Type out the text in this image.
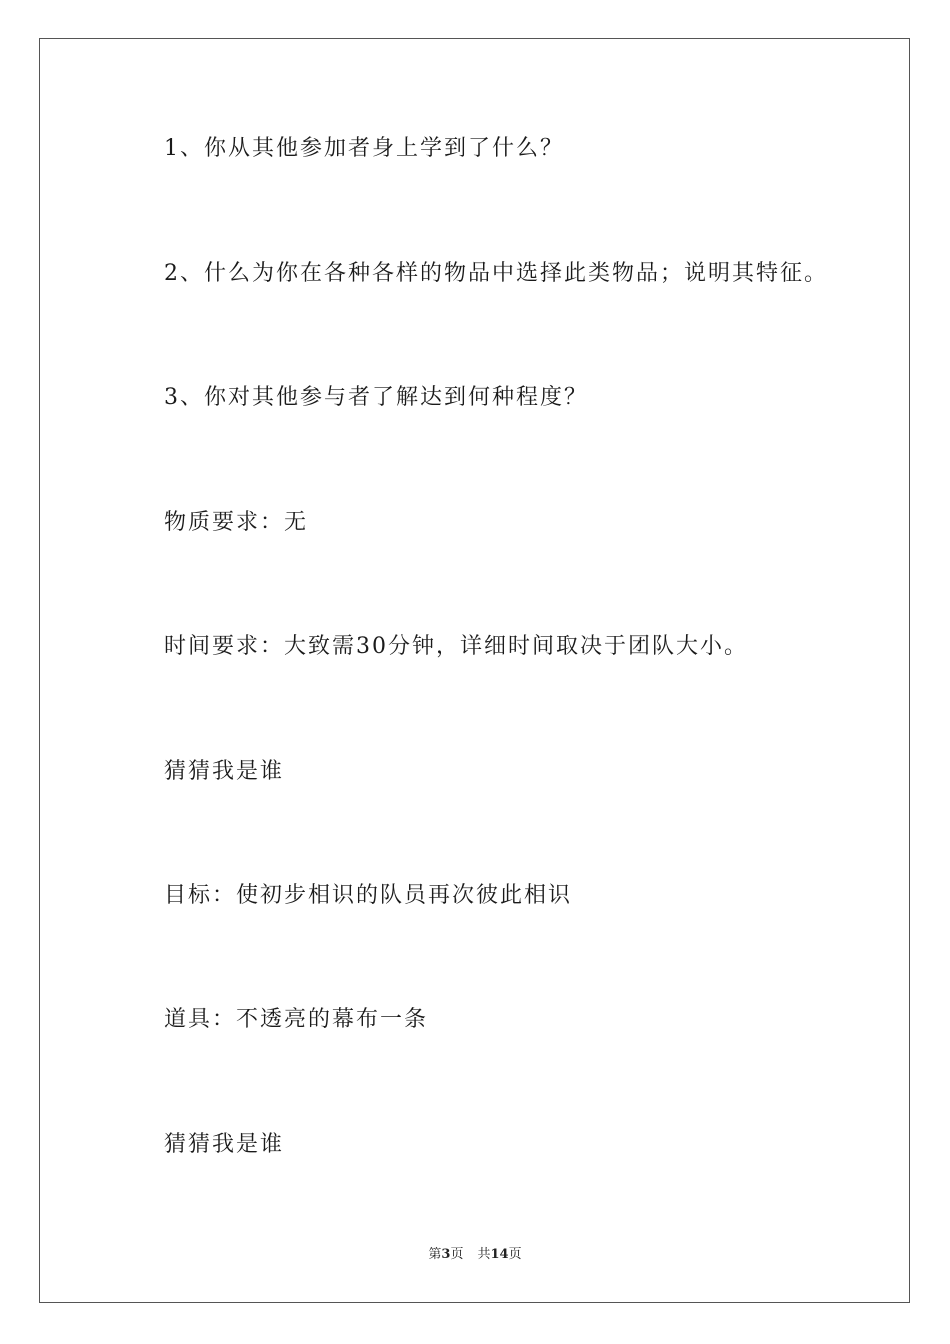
1、你从其他参加者身上学到了什么？

2、什么为你在各种各样的物品中选择此类物品；说明其特征。

3、你对其他参与者了解达到何种程度？

物质要求：无

时间要求：大致需30分钟，详细时间取决于团队大小。

猜猜我是谁

目标：使初步相识的队员再次彼此相识

道具：不透亮的幕布一条

猜猜我是谁

第3页 共14页
